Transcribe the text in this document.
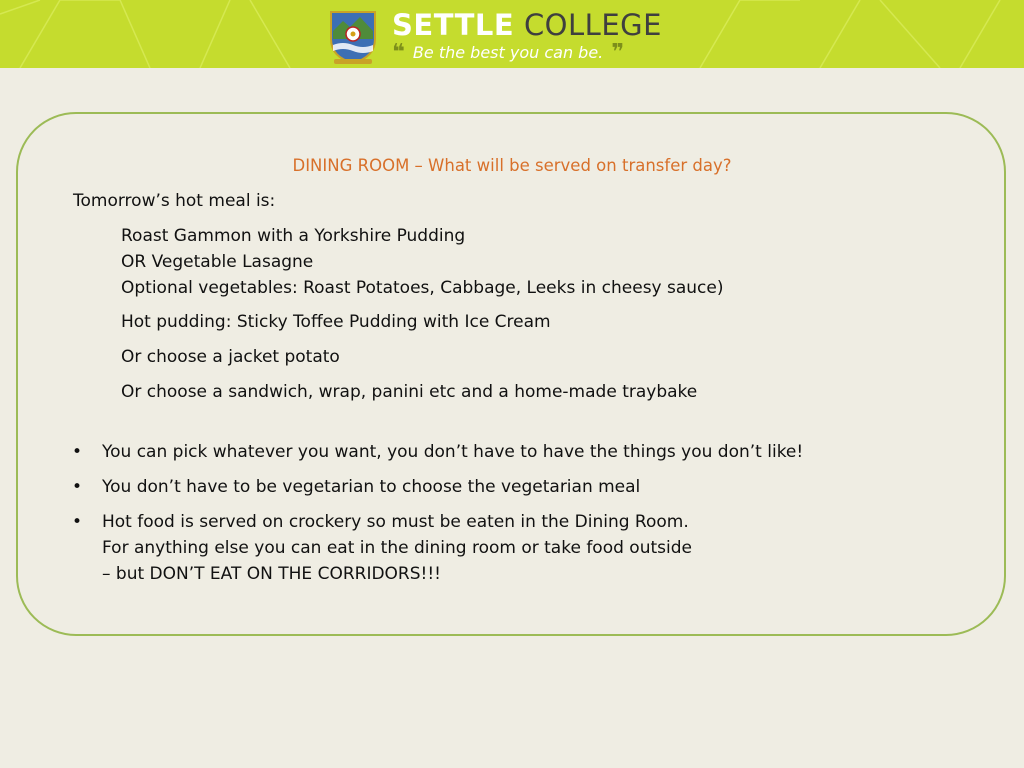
SETTLE COLLEGE
❝ Be the best you can be. ❞
DINING ROOM – What will be served on transfer day?
Tomorrow’s hot meal is:
Roast Gammon with a Yorkshire Pudding
OR Vegetable Lasagne
Optional vegetables: Roast Potatoes, Cabbage, Leeks in cheesy sauce)
Hot pudding: Sticky Toffee Pudding with Ice Cream
Or choose a jacket potato
Or choose a sandwich, wrap, panini etc and a home-made traybake
• You can pick whatever you want, you don’t have to have the things you don’t like!
• You don’t have to be vegetarian to choose the vegetarian meal
• Hot food is served on crockery so must be eaten in the Dining Room.
For anything else you can eat in the dining room or take food outside
– but DON’T EAT ON THE CORRIDORS!!!
